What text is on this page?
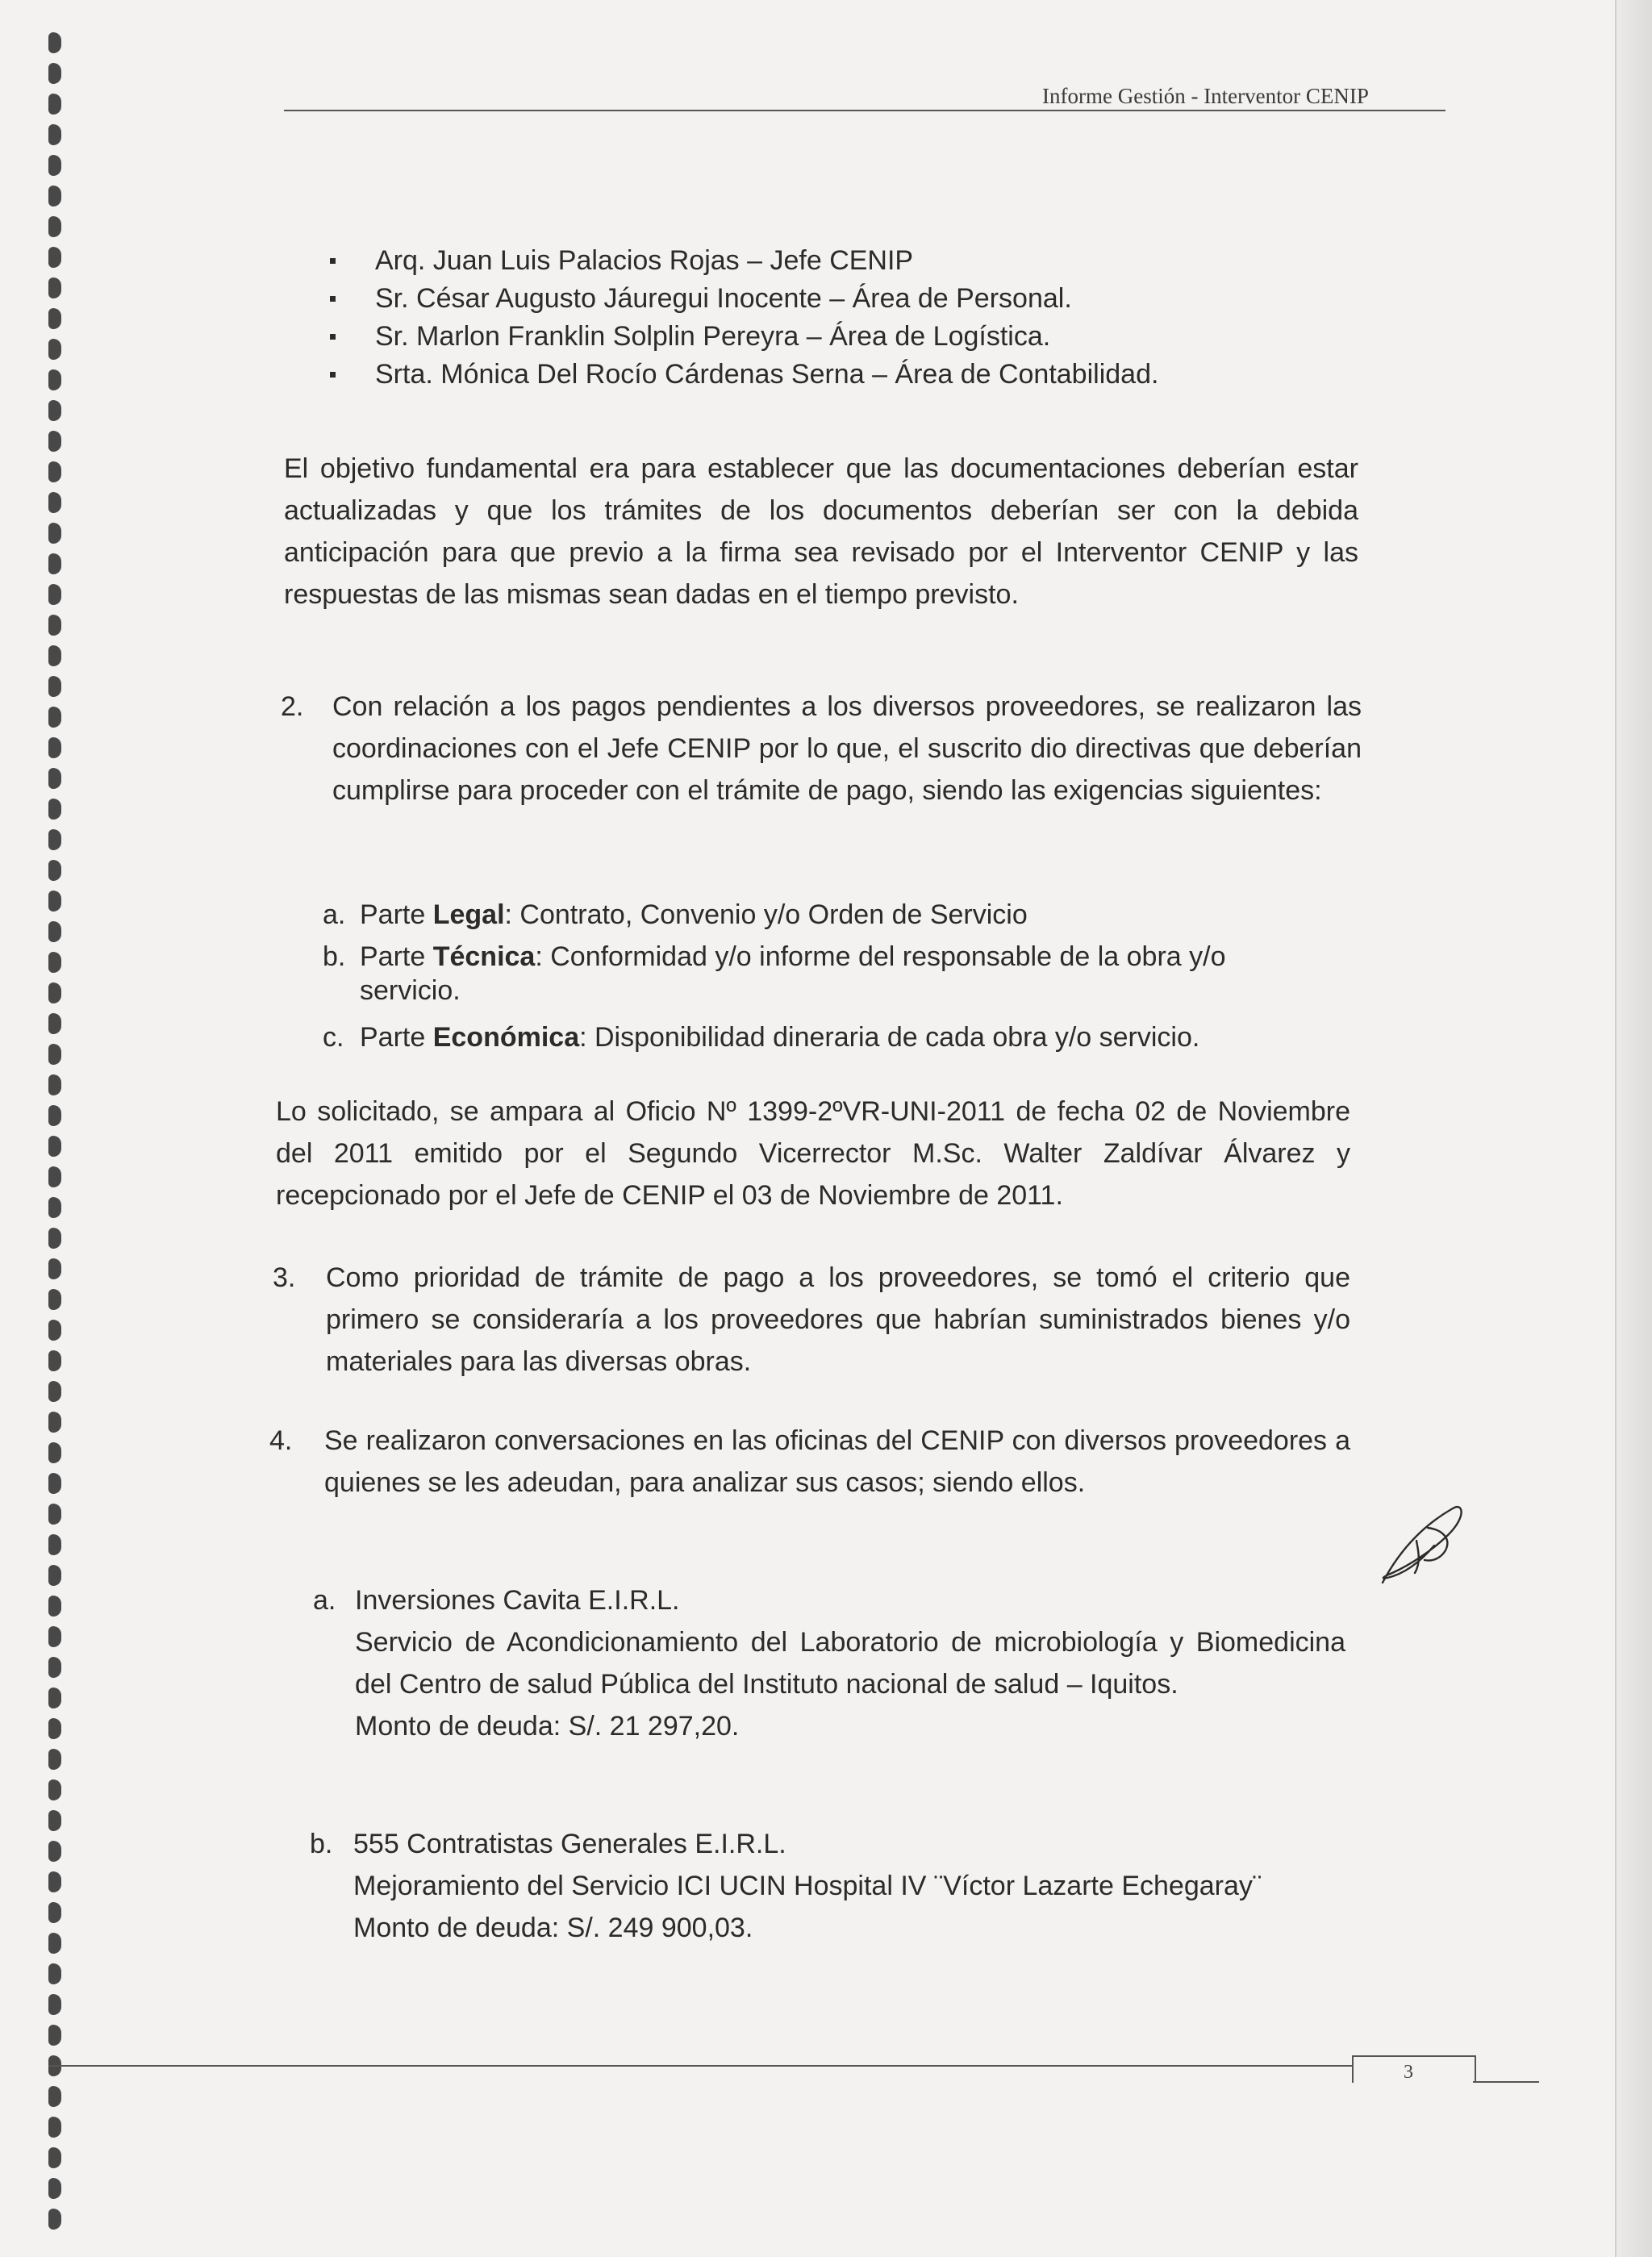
Informe Gestión - Interventor CENIP
Arq. Juan Luis Palacios Rojas – Jefe CENIP
Sr. César Augusto Jáuregui Inocente – Área de Personal.
Sr. Marlon Franklin Solplin Pereyra – Área de Logística.
Srta. Mónica Del Rocío Cárdenas Serna – Área de Contabilidad.
El objetivo fundamental era para establecer que las documentaciones deberían estar actualizadas y que los trámites de los documentos deberían ser con la debida anticipación para que previo a la firma sea revisado por el Interventor CENIP y las respuestas de las mismas sean dadas en el tiempo previsto.
2. Con relación a los pagos pendientes a los diversos proveedores, se realizaron las coordinaciones con el Jefe CENIP por lo que, el suscrito dio directivas que deberían cumplirse para proceder con el trámite de pago, siendo las exigencias siguientes:
a. Parte Legal: Contrato, Convenio y/o Orden de Servicio
b. Parte Técnica: Conformidad y/o informe del responsable de la obra y/o
servicio.
c. Parte Económica: Disponibilidad dineraria de cada obra y/o servicio.
Lo solicitado, se ampara al Oficio Nº 1399-2ºVR-UNI-2011 de fecha 02 de Noviembre del 2011 emitido por el Segundo Vicerrector M.Sc. Walter Zaldívar Álvarez y recepcionado por el Jefe de CENIP el 03 de Noviembre de 2011.
3. Como prioridad de trámite de pago a los proveedores, se tomó el criterio que primero se consideraría a los proveedores que habrían suministrados bienes y/o materiales para las diversas obras.
4. Se realizaron conversaciones en las oficinas del CENIP con diversos proveedores a quienes se les adeudan, para analizar sus casos; siendo ellos.
a. Inversiones Cavita E.I.R.L.
Servicio de Acondicionamiento del Laboratorio de microbiología y Biomedicina del Centro de salud Pública del Instituto nacional de salud – Iquitos.
Monto de deuda: S/. 21 297,20.
b. 555 Contratistas Generales E.I.R.L.
Mejoramiento del Servicio ICI UCIN Hospital IV ¨Víctor Lazarte Echegaray¨
Monto de deuda: S/. 249 900,03.
3
